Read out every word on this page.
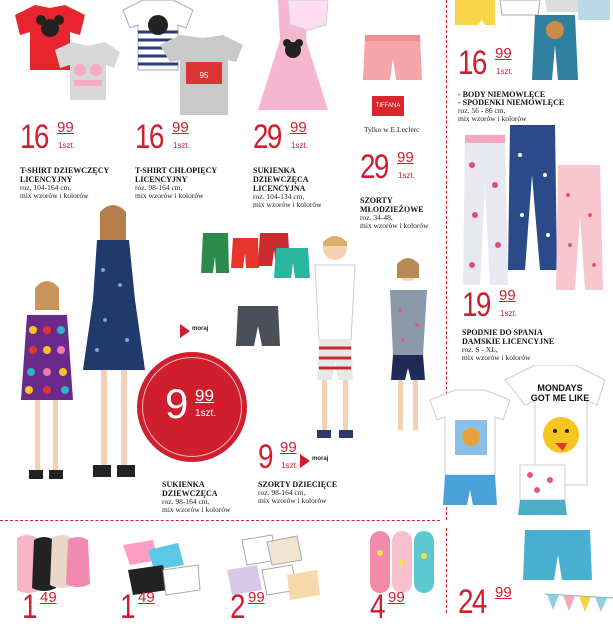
16 99
1szt.
T-SHIRT DZIEWCZĘCY LICENCYJNY
roz. 104-164 cm,
mix wzorów i kolorów
95
16 99
1szt.
T-SHIRT CHŁOPIĘCY LICENCYJNY
roz. 98-164 cm,
mix wzorów i kolorów
29 99
1szt.
SUKIENKA DZIEWCZĘCA LICENCYJNA
roz. 104-134 cm,
mix wzorów i kolorów
TIFFANA
Tylko w E.Leclerc
29 99
1szt.
SZORTY MŁODZIEŻOWE
roz. 34-48,
mix wzorów i kolorów
16 99
1szt.
- BODY NIEMOWLĘCE
- SPODENKI NIEMOWLĘCE
roz. 56 - 86 cm,
mix wzorów i kolorów
19 99
1szt.
SPODNIE DO SPANIA DAMSKIE LICENCYJNE
roz. S - XL,
mix wzorów i kolorów
moraj
9 99
1szt.
SUKIENKA DZIEWCZĘCA
roz. 98-164 cm,
mix wzorów i kolorów
9 99
1szt.
moraj
SZORTY DZIECIĘCE
roz. 98-164 cm,
mix wzorów i kolorów
MONDAYS
GOT ME LIKE
1 49 1 49 2 99	4 99 24 99
